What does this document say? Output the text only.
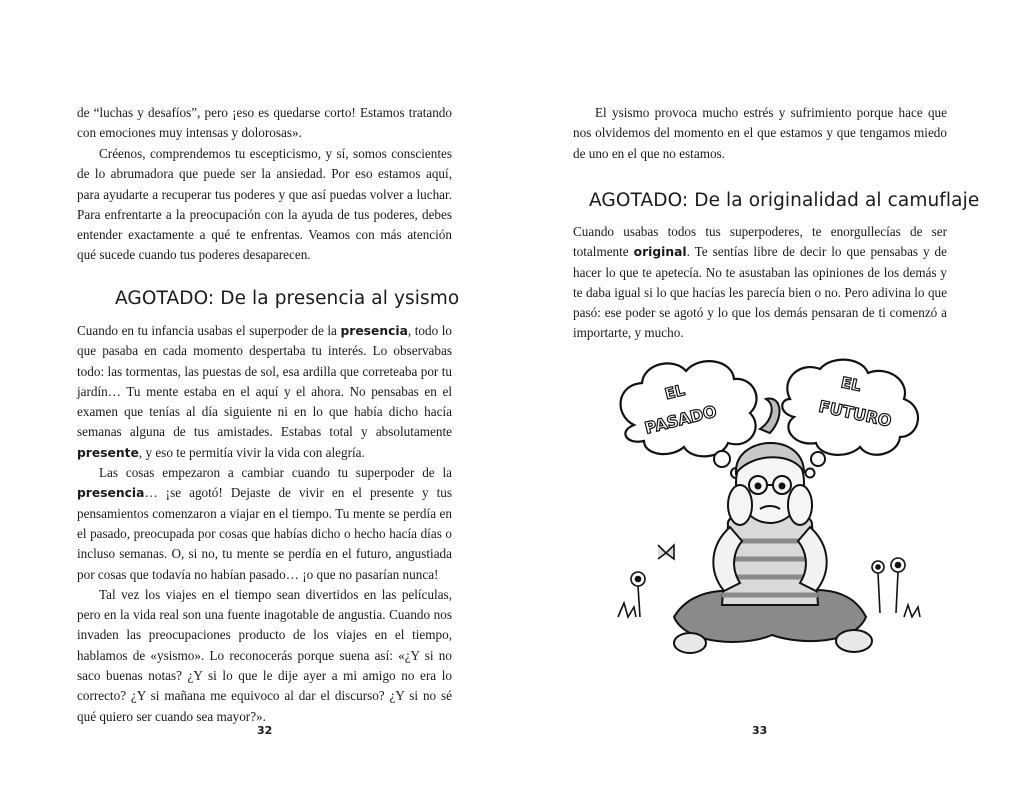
de “luchas y desafíos”, pero ¡eso es quedarse corto! Estamos tratando

con emociones muy intensas y dolorosas».

Créenos, comprendemos tu escepticismo, y sí, somos conscientes de lo abrumadora que puede ser la ansiedad. Por eso estamos aquí, para ayudarte a recuperar tus poderes y que así puedas volver a luchar. Para enfrentarte a la preocupación con la ayuda de tus poderes, debes entender exactamente a qué te enfrentas. Veamos con más atención qué sucede cuando tus poderes desaparecen.

AGOTADO: De la presencia al ysismo

Cuando en tu infancia usabas el superpoder de la presencia, todo lo que pasaba en cada momento despertaba tu interés. Lo observabas todo: las tormentas, las puestas de sol, esa ardilla que correteaba por tu jardín… Tu mente estaba en el aquí y el ahora. No pensabas en el examen que tenías al día siguiente ni en lo que había dicho hacía semanas alguna de tus amistades. Estabas total y absolutamente presente, y eso te permitía vivir la vida con alegría.

Las cosas empezaron a cambiar cuando tu superpoder de la presencia… ¡se agotó! Dejaste de vivir en el presente y tus pensamientos comenzaron a viajar en el tiempo. Tu mente se perdía en el pasado, preocupada por cosas que habías dicho o hecho hacía días o incluso semanas. O, si no, tu mente se perdía en el futuro, angustiada por cosas que todavía no habían pasado… ¡o que no pasarían nunca!

Tal vez los viajes en el tiempo sean divertidos en las películas, pero en la vida real son una fuente inagotable de angustia. Cuando nos invaden las preocupaciones producto de los viajes en el tiempo, hablamos de «ysismo». Lo reconocerás porque suena así: «¿Y si no saco buenas notas? ¿Y si lo que le dije ayer a mi amigo no era lo correcto? ¿Y si mañana me equivoco al dar el discurso? ¿Y si no sé qué quiero ser cuando sea mayor?».

32

El ysismo provoca mucho estrés y sufrimiento porque hace que nos olvidemos del momento en el que estamos y que tengamos miedo de uno en el que no estamos.

AGOTADO: De la originalidad al camuflaje

Cuando usabas todos tus superpoderes, te enorgullecías de ser totalmente original. Te sentías libre de decir lo que pensabas y de hacer lo que te apetecía. No te asustaban las opiniones de los demás y te daba igual si lo que hacías les parecía bien o no. Pero adivina lo que pasó: ese poder se agotó y lo que los demás pensaran de ti comenzó a importarte, y mucho.

EL
PASADO
EL
FUTURO
33
